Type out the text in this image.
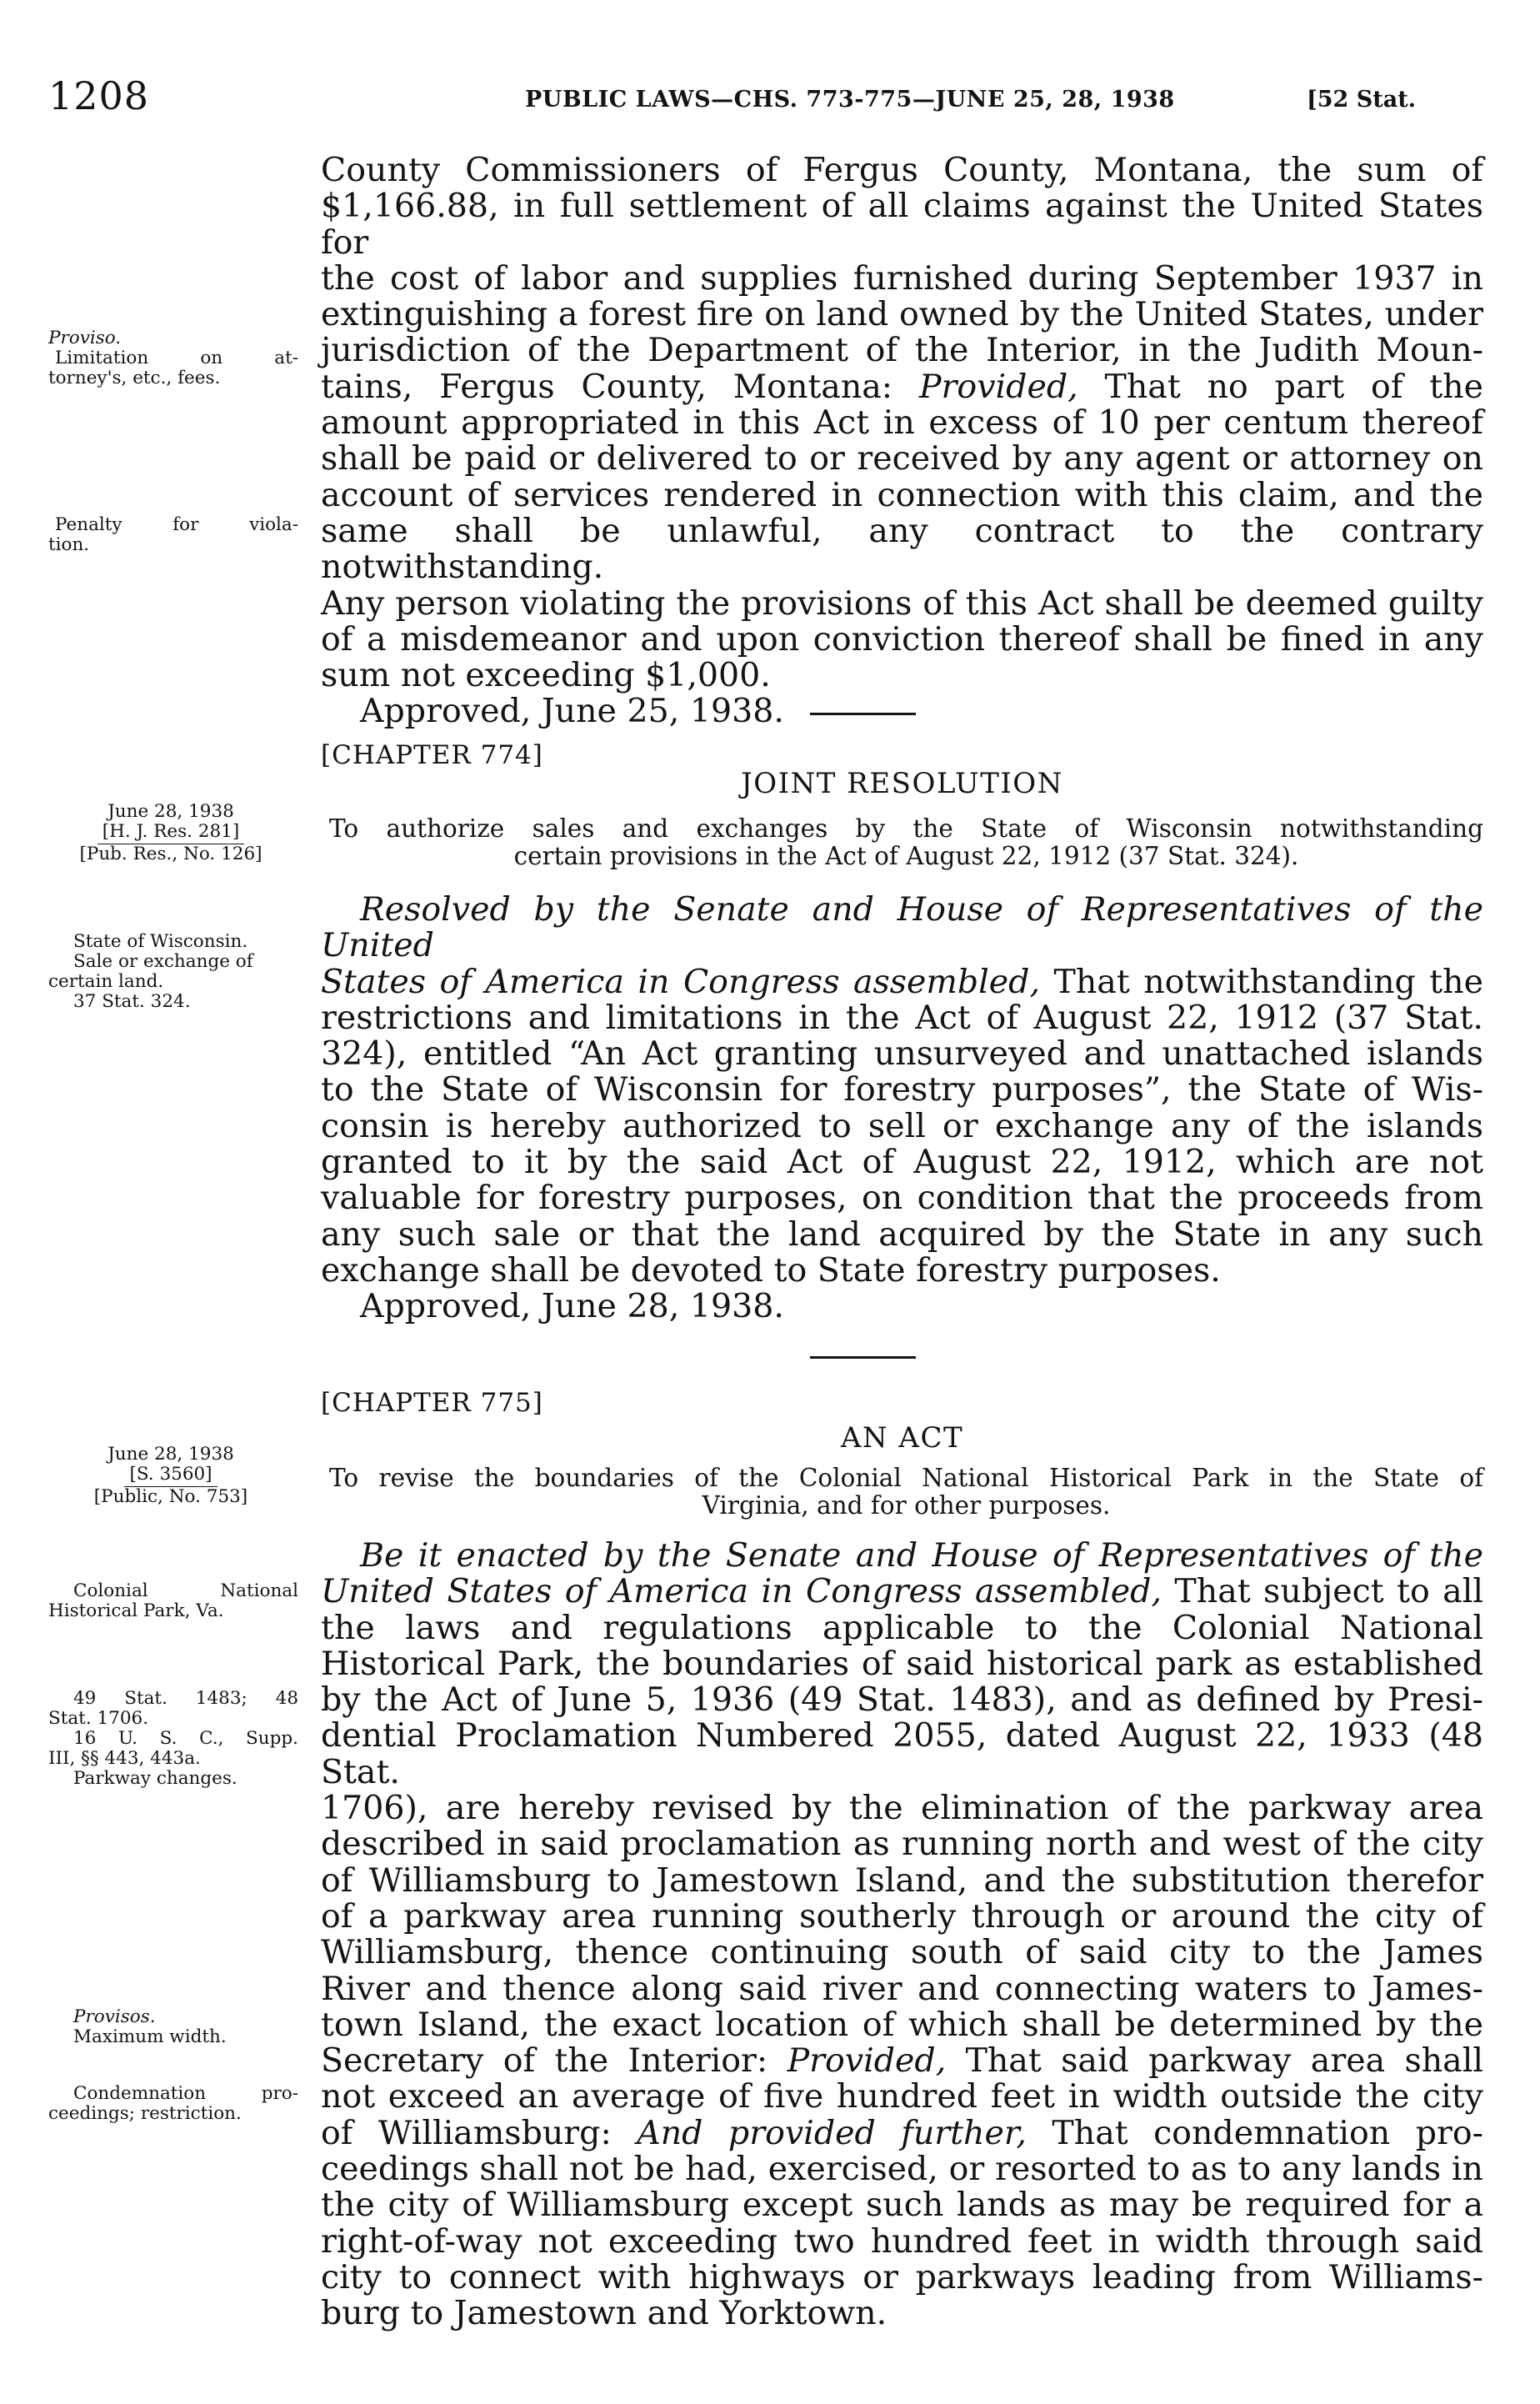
1208	PUBLIC LAWS—CHS. 773-775—JUNE 25, 28, 1938	[52 Stat.

County Commissioners of Fergus County, Montana, the sum of

$1,166.88, in full settlement of all claims against the United States for

the cost of labor and supplies furnished during September 1937 in

extinguishing a forest fire on land owned by the United States, under

jurisdiction of the Department of the Interior, in the Judith Moun-

tains, Fergus County, Montana: Provided, That no part of the

amount appropriated in this Act in excess of 10 per centum thereof

shall be paid or delivered to or received by any agent or attorney on

account of services rendered in connection with this claim, and the

same shall be unlawful, any contract to the contrary notwithstanding.

Any person violating the provisions of this Act shall be deemed guilty

of a misdemeanor and upon conviction thereof shall be fined in any

sum not exceeding $1,000.

Approved, June 25, 1938.

Proviso.
Limitation on at-
torney's, etc., fees.
Penalty for viola-
tion.
[CHAPTER 774]
JOINT RESOLUTION
To authorize sales and exchanges by the State of Wisconsin notwithstanding
certain provisions in the Act of August 22, 1912 (37 Stat. 324).
June 28, 1938
[H. J. Res. 281]
[Pub. Res., No. 126]

Resolved by the Senate and House of Representatives of the United

States of America in Congress assembled, That notwithstanding the

restrictions and limitations in the Act of August 22, 1912 (37 Stat.

324), entitled “An Act granting unsurveyed and unattached islands

to the State of Wisconsin for forestry purposes”, the State of Wis-

consin is hereby authorized to sell or exchange any of the islands

granted to it by the said Act of August 22, 1912, which are not

valuable for forestry purposes, on condition that the proceeds from

any such sale or that the land acquired by the State in any such

exchange shall be devoted to State forestry purposes.

Approved, June 28, 1938.

State of Wisconsin.
Sale or exchange of
certain land.
37 Stat. 324.
[CHAPTER 775]
AN ACT
To revise the boundaries of the Colonial National Historical Park in the State of
Virginia, and for other purposes.
June 28, 1938
[S. 3560]
[Public, No. 753]

Be it enacted by the Senate and House of Representatives of the

United States of America in Congress assembled, That subject to all

the laws and regulations applicable to the Colonial National

Historical Park, the boundaries of said historical park as established

by the Act of June 5, 1936 (49 Stat. 1483), and as defined by Presi-

dential Proclamation Numbered 2055, dated August 22, 1933 (48 Stat.

1706), are hereby revised by the elimination of the parkway area

described in said proclamation as running north and west of the city

of Williamsburg to Jamestown Island, and the substitution therefor

of a parkway area running southerly through or around the city of

Williamsburg, thence continuing south of said city to the James

River and thence along said river and connecting waters to James-

town Island, the exact location of which shall be determined by the

Secretary of the Interior: Provided, That said parkway area shall

not exceed an average of five hundred feet in width outside the city

of Williamsburg: And provided further, That condemnation pro-

ceedings shall not be had, exercised, or resorted to as to any lands in

the city of Williamsburg except such lands as may be required for a

right-of-way not exceeding two hundred feet in width through said

city to connect with highways or parkways leading from Williams-

burg to Jamestown and Yorktown.

Colonial National
Historical Park, Va.
49 Stat. 1483; 48
Stat. 1706.
16 U. S. C., Supp.
III, §§ 443, 443a.
Parkway changes.
Provisos.
Maximum width.
Condemnation pro-
ceedings; restriction.
